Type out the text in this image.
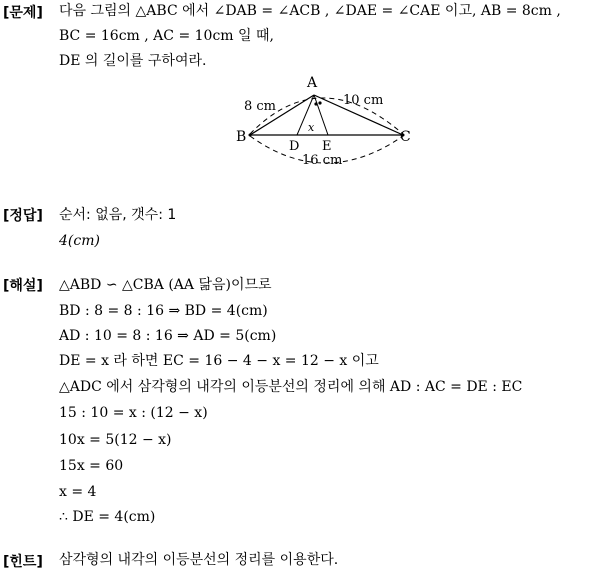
[문제] 다음 그림의 △ABC 에서 ∠DAB = ∠ACB , ∠DAE = ∠CAE 이고, AB = 8cm ,
BC = 16cm , AC = 10cm 일 때,
DE 의 길이를 구하여라.
A
B	C
D E
8 cm	10 cm
16 cm
x
[정답] 순서: 없음, 갯수: 1
4(cm)
[해설] △ABD ∽ △CBA (AA 닮음)이므로
BD : 8 = 8 : 16 ⇒ BD = 4(cm)
AD : 10 = 8 : 16 ⇒ AD = 5(cm)
DE = x 라 하면 EC = 16 − 4 − x = 12 − x 이고
△ADC 에서 삼각형의 내각의 이등분선의 정리에 의해 AD : AC = DE : EC
15 : 10 = x : (12 − x)
10x = 5(12 − x)
15x = 60
x = 4
∴ DE = 4(cm)
[힌트] 삼각형의 내각의 이등분선의 정리를 이용한다.
